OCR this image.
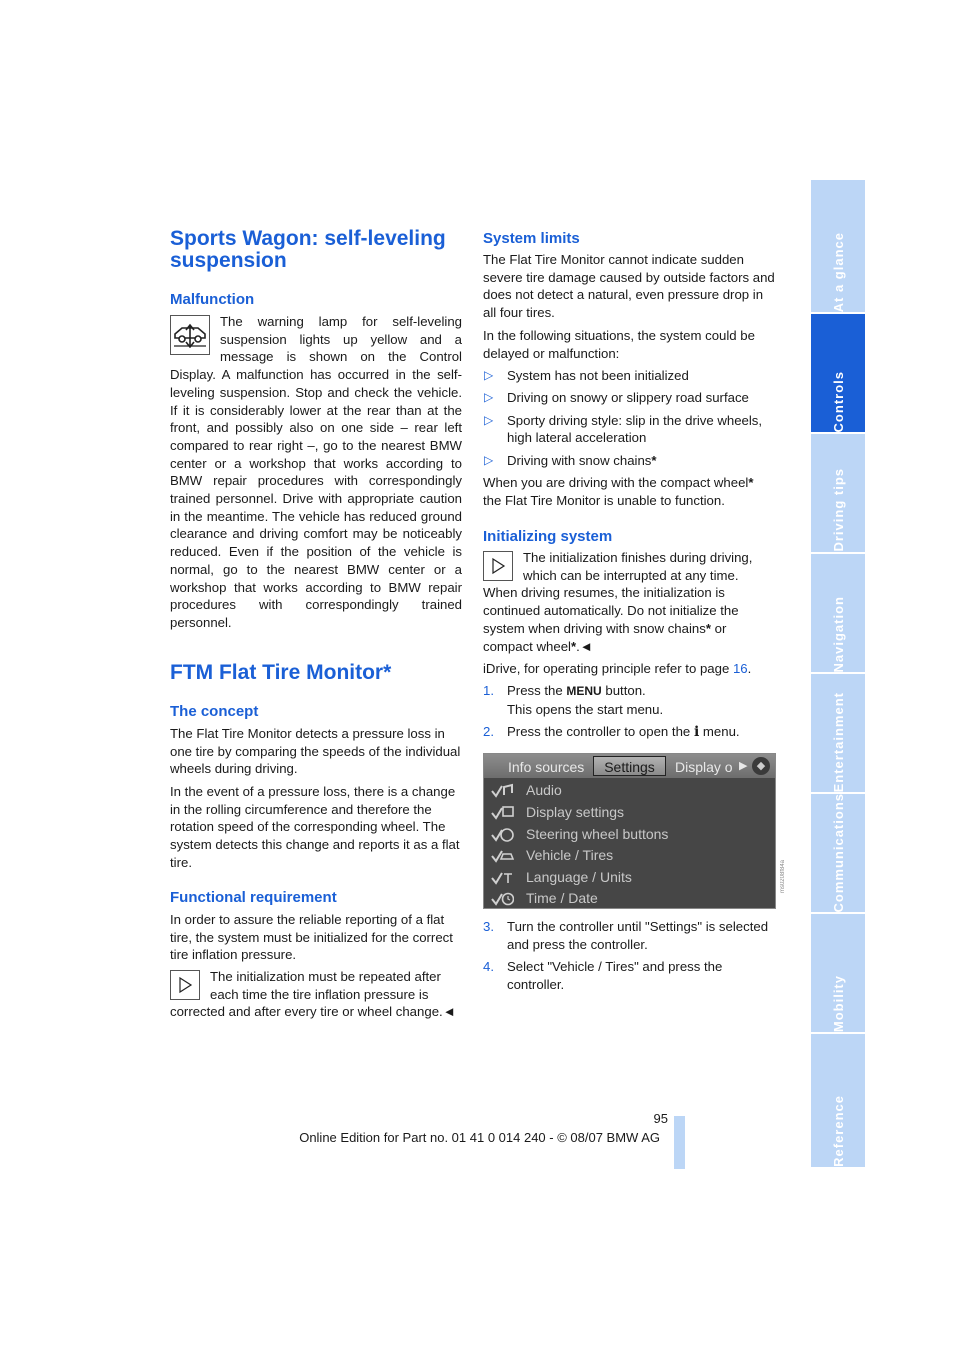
Sports Wagon: self-leveling suspension
Malfunction
The warning lamp for self-leveling suspension lights up yellow and a message is shown on the Control Display. A malfunction has occurred in the self-leveling suspension. Stop and check the vehicle. If it is considerably lower at the rear than at the front, and possibly also on one side – rear left compared to rear right –, go to the nearest BMW center or a workshop that works according to BMW repair procedures with correspondingly trained personnel. Drive with appropriate caution in the meantime. The vehicle has reduced ground clearance and driving comfort may be noticeably reduced. Even if the position of the vehicle is normal, go to the nearest BMW center or a workshop that works according to BMW repair procedures with correspondingly trained personnel.
FTM Flat Tire Monitor*
The concept

The Flat Tire Monitor detects a pressure loss in one tire by comparing the speeds of the individual wheels during driving.

In the event of a pressure loss, there is a change in the rolling circumference and therefore the rotation speed of the corresponding wheel. The system detects this change and reports it as a flat tire.

Functional requirement

In order to assure the reliable reporting of a flat tire, the system must be initialized for the correct tire inflation pressure.

The initialization must be repeated after each time the tire inflation pressure is corrected and after every tire or wheel change.◄
System limits

The Flat Tire Monitor cannot indicate sudden severe tire damage caused by outside factors and does not detect a natural, even pressure drop in all four tires.

In the following situations, the system could be delayed or malfunction:

▷ System has not been initialized
▷ Driving on snowy or slippery road surface
▷ Sporty driving style: slip in the drive wheels, high lateral acceleration
▷ Driving with snow chains*

When you are driving with the compact wheel* the Flat Tire Monitor is unable to function.

Initializing system
The initialization finishes during driving, which can be interrupted at any time. When driving resumes, the initialization is continued automatically. Do not initialize the system when driving with snow chains* or compact wheel*.◄

iDrive, for operating principle refer to page 16.

1. Press the MENU button.
This opens the start menu.
2. Press the controller to open the i menu.
3. Turn the controller until "Settings" is selected and press the controller.
4. Select "Vehicle / Tires" and press the controller.
Info sources	Settings	Display o ▶ ◆
Audio
Display settings
Steering wheel buttons
Vehicle / Tires
Language / Units
Time / Date
ms0208f84a
At a glance
Controls
Driving tips
Navigation
Entertainment
Communications
Mobility
Reference
95
Online Edition for Part no. 01 41 0 014 240 - © 08/07 BMW AG
